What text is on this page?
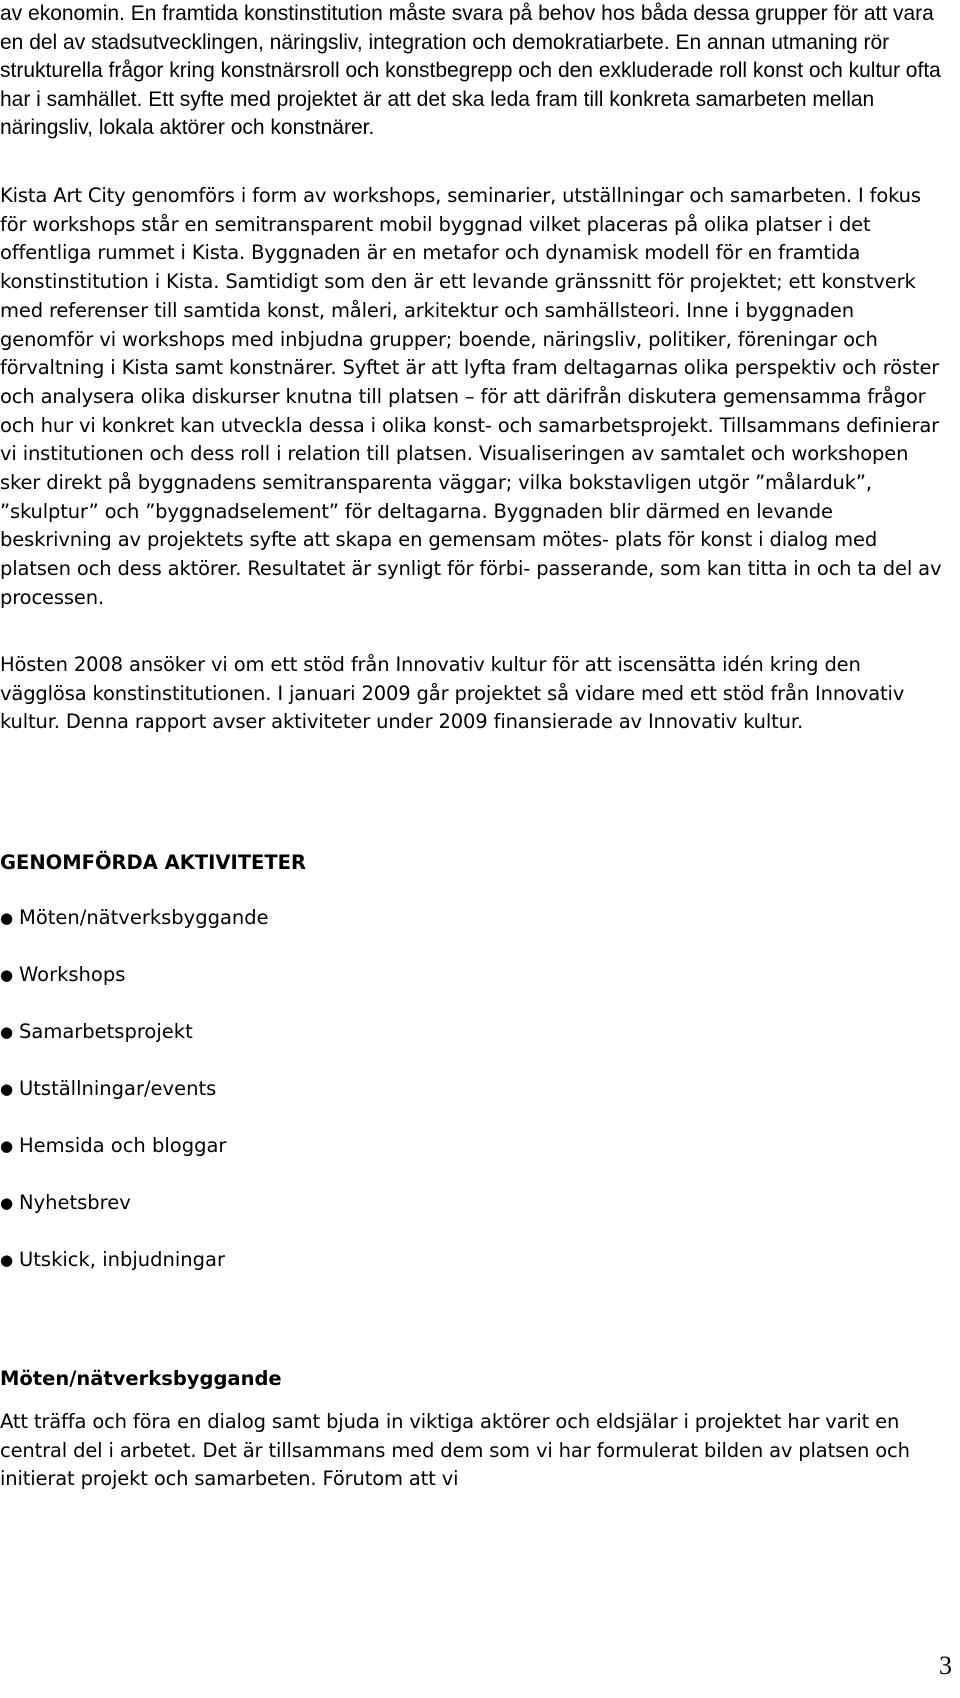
av ekonomin. En framtida konstinstitution måste svara på behov hos båda dessa grupper för att vara en del av stadsutvecklingen, näringsliv, integration och demokratiarbete. En annan utmaning rör strukturella frågor kring konstnärsroll och konstbegrepp och den exkluderade roll konst och kultur ofta har i samhället. Ett syfte med projektet är att det ska leda fram till konkreta samarbeten mellan näringsliv, lokala aktörer och konstnärer.

Kista Art City genomförs i form av workshops, seminarier, utställningar och samarbeten. I fokus för workshops står en semitransparent mobil byggnad vilket placeras på olika platser i det offentliga rummet i Kista. Byggnaden är en metafor och dynamisk modell för en framtida konstinstitution i Kista. Samtidigt som den är ett levande gränssnitt för projektet; ett konstverk med referenser till samtida konst, måleri, arkitektur och samhällsteori. Inne i byggnaden genomför vi workshops med inbjudna grupper; boende, näringsliv, politiker, föreningar och förvaltning i Kista samt konstnärer. Syftet är att lyfta fram deltagarnas olika perspektiv och röster och analysera olika diskurser knutna till platsen – för att därifrån diskutera gemensamma frågor och hur vi konkret kan utveckla dessa i olika konst- och samarbetsprojekt. Tillsammans definierar vi institutionen och dess roll i relation till platsen. Visualiseringen av samtalet och workshopen sker direkt på byggnadens semitransparenta väggar; vilka bokstavligen utgör ”målarduk”, ”skulptur” och ”byggnadselement” för deltagarna. Byggnaden blir därmed en levande beskrivning av projektets syfte att skapa en gemensam mötes- plats för konst i dialog med platsen och dess aktörer. Resultatet är synligt för förbi- passerande, som kan titta in och ta del av processen.

Hösten 2008 ansöker vi om ett stöd från Innovativ kultur för att iscensätta idén kring den vägglösa konstinstitutionen. I januari 2009 går projektet så vidare med ett stöd från Innovativ kultur. Denna rapport avser aktiviteter under 2009 finansierade av Innovativ kultur.

GENOMFÖRDA AKTIVITETER
● Möten/nätverksbyggande
● Workshops
● Samarbetsprojekt
● Utställningar/events
● Hemsida och bloggar
● Nyhetsbrev
● Utskick, inbjudningar
Möten/nätverksbyggande

Att träffa och föra en dialog samt bjuda in viktiga aktörer och eldsjälar i projektet har varit en central del i arbetet. Det är tillsammans med dem som vi har formulerat bilden av platsen och initierat projekt och samarbeten. Förutom att vi

3
